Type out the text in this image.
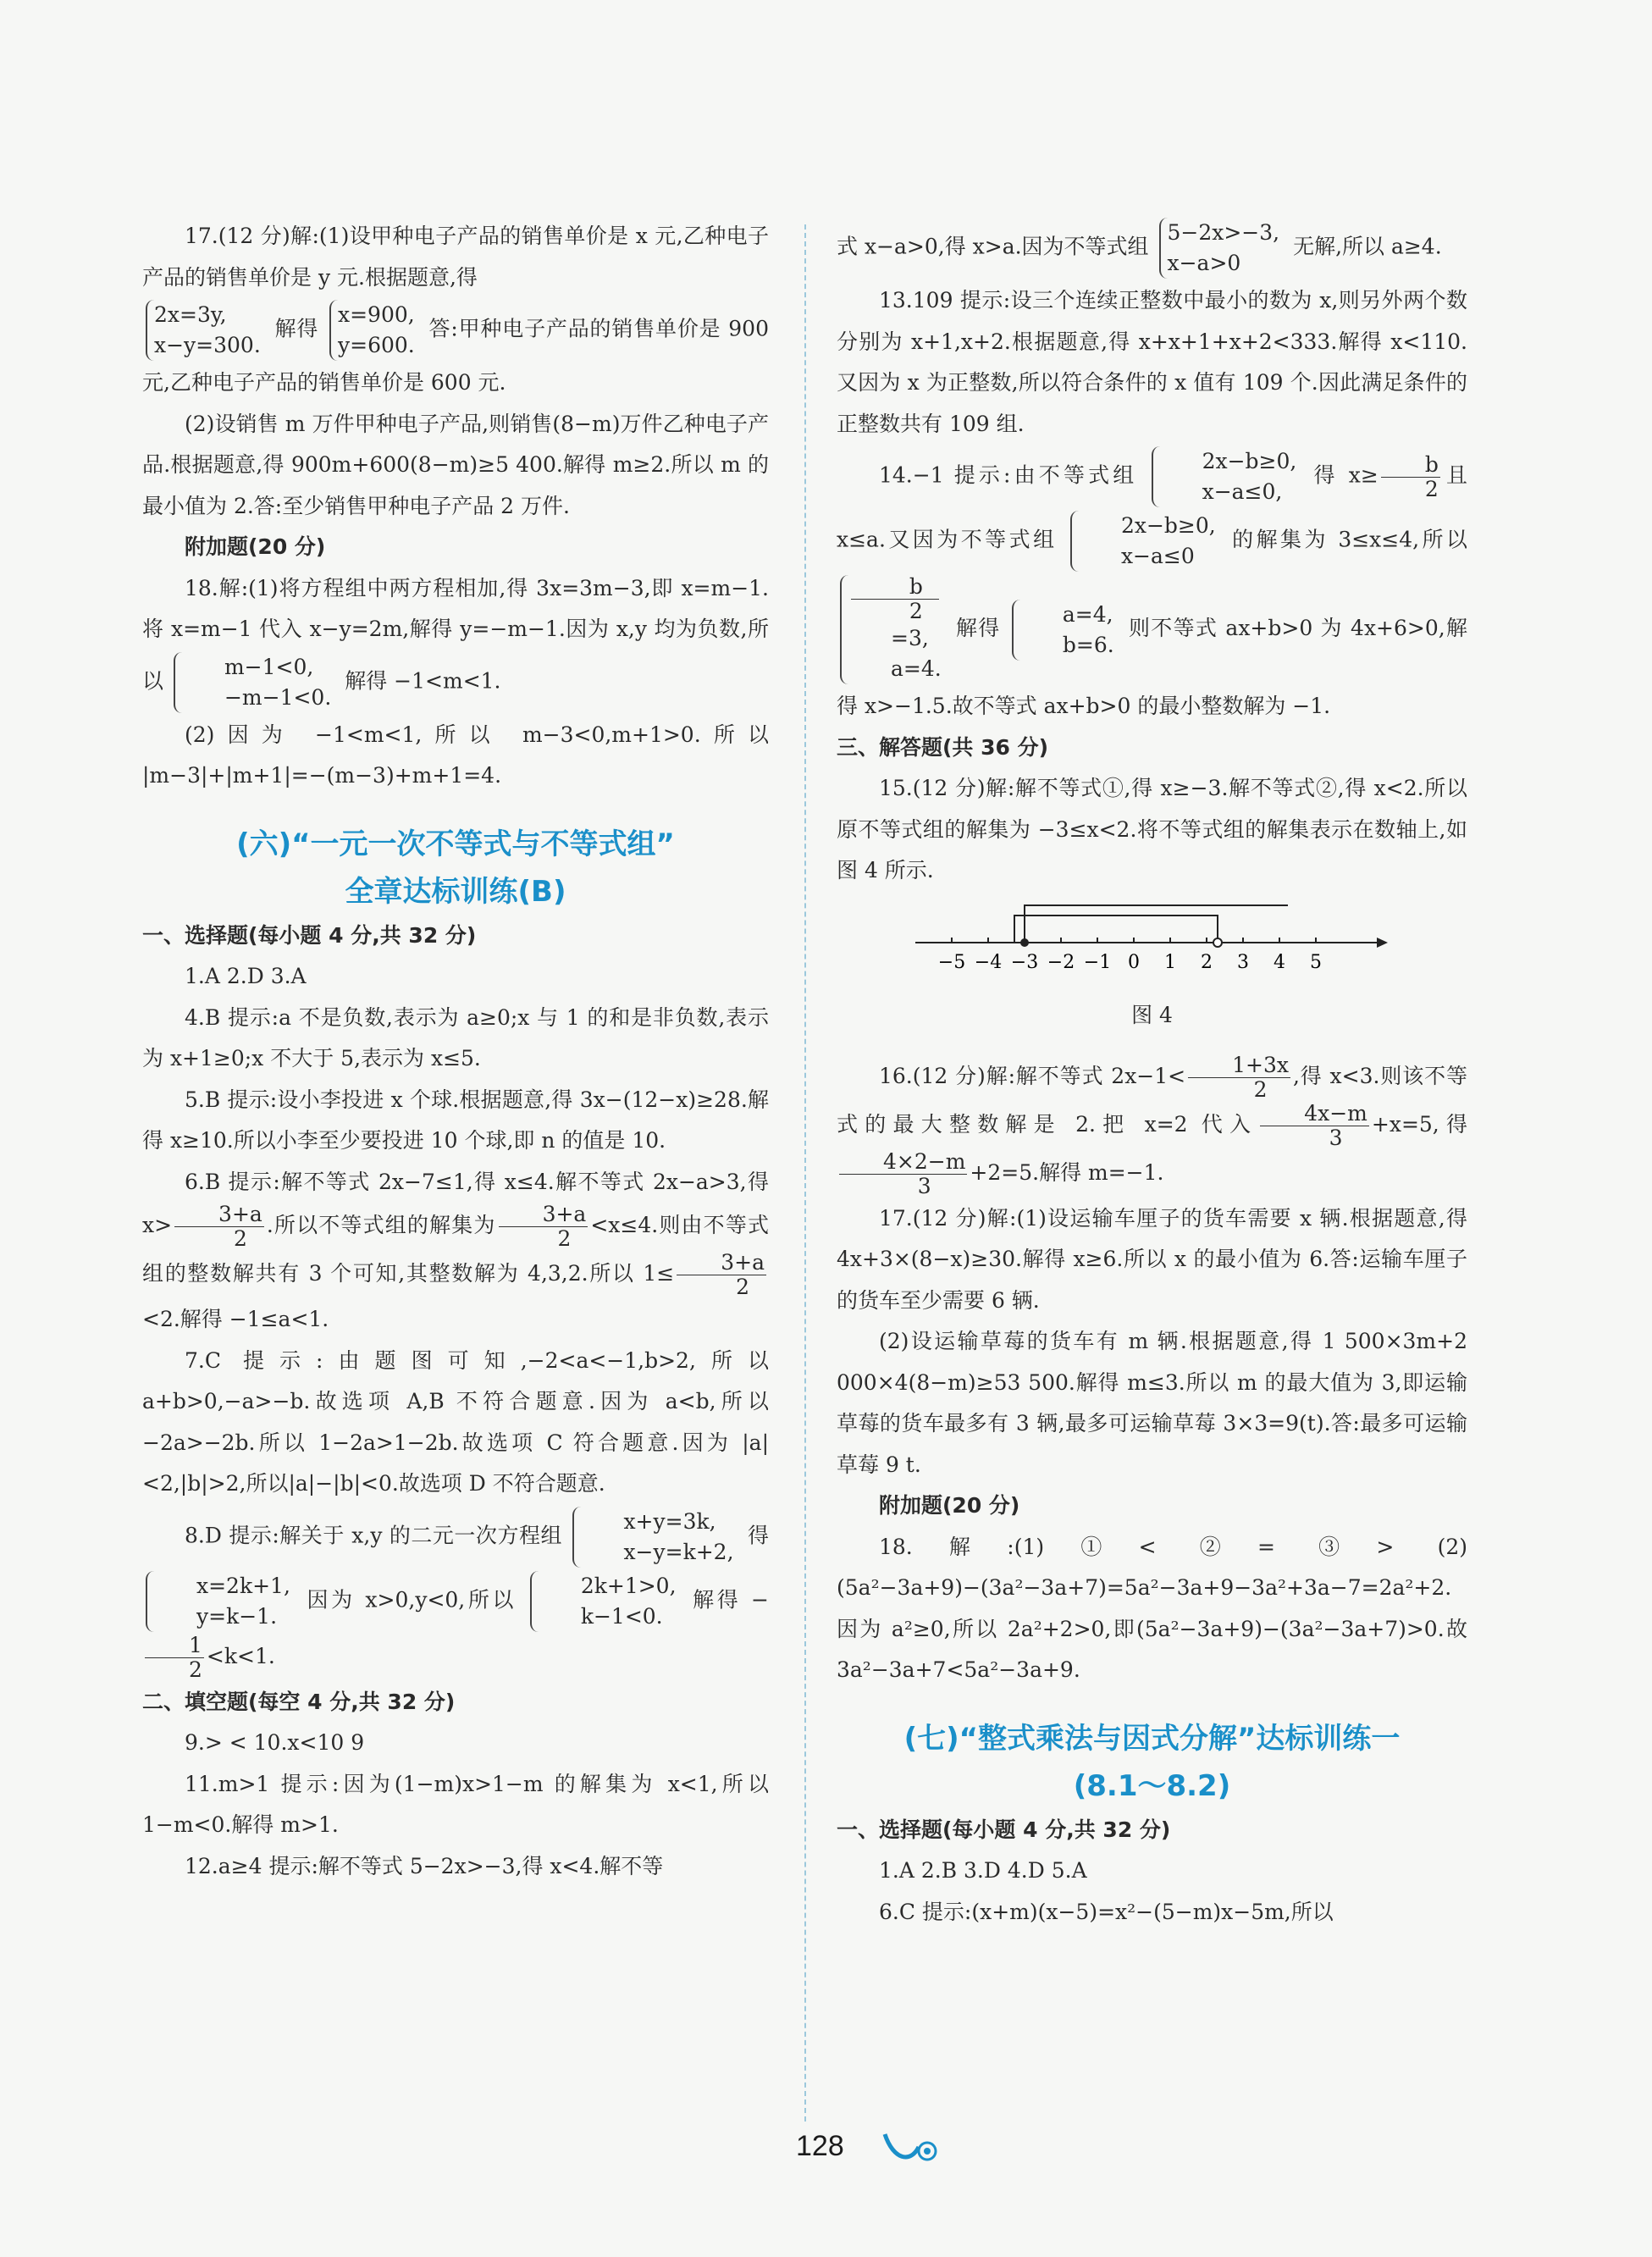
17.(12 分)解:(1)设甲种电子产品的销售单价是 x 元,乙种电子产品的销售单价是 y 元.根据题意,得

2x=3y,
x−y=300.
解得
x=900,
y=600.
答:甲种电子产品的销售单价是 900 元,乙种电子产品的销售单价是 600 元.

(2)设销售 m 万件甲种电子产品,则销售(8−m)万件乙种电子产品.根据题意,得 900m+600(8−m)≥5 400.解得 m≥2.所以 m 的最小值为 2.答:至少销售甲种电子产品 2 万件.

附加题(20 分)

18.解:(1)将方程组中两方程相加,得 3x=3m−3,即 x=m−1.将 x=m−1 代入 x−y=2m,解得 y=−m−1.因为 x,y 均为负数,所以
m−1<0,
−m−1<0.
解得 −1<m<1.

(2)因为 −1<m<1,所以 m−3<0,m+1>0.所以 |m−3|+|m+1|=−(m−3)+m+1=4.

(六)“一元一次不等式与不等式组”
全章达标训练(B)

一、选择题(每小题 4 分,共 32 分)

1.A 2.D 3.A

4.B 提示:a 不是负数,表示为 a≥0;x 与 1 的和是非负数,表示为 x+1≥0;x 不大于 5,表示为 x≤5.

5.B 提示:设小李投进 x 个球.根据题意,得 3x−(12−x)≥28.解得 x≥10.所以小李至少要投进 10 个球,即 n 的值是 10.

6.B 提示:解不等式 2x−7≤1,得 x≤4.解不等式 2x−a>3,得 $x> \frac{3+a}{2}$ .所以不等式组的解集为 $\frac{3+a}{2} <x\le 4$.则由不等式组的整数解共有 3 个可知,其整数解为 4,3,2.所以 $1\le \frac{3+a}{2}$
<2.解得 −1≤a<1.

7.C 提示:由题图可知,−2<a<−1,b>2,所以 a+b>0,−a>−b.故选项 A,B 不符合题意.因为 a<b,所以 −2a>−2b.所以 1−2a>1−2b.故选项 C 符合题意.因为 |a|<2,|b|>2,所以|a|−|b|<0.故选项 D 不符合题意.

8.D 提示:解关于 x,y 的二元一次方程组
x+y=3k,
x−y=k+2,
得
x=2k+1,
y=k−1.
因为 x>0,y<0,所以
2k+1>0,
k−1<0.
解得 −
$\frac{1}{2} <k<1$.

二、填空题(每空 4 分,共 32 分)

9.> < 10.x<10 9

11.m>1 提示:因为(1−m)x>1−m 的解集为 x<1,所以 1−m<0.解得 m>1.

12.a≥4 提示:解不等式 5−2x>−3,得 x<4.解不等

式 x−a>0,得 x>a.因为不等式组
5−2x>−3,
x−a>0
无解,所以 a≥4.

13.109 提示:设三个连续正整数中最小的数为 x,则另外两个数分别为 x+1,x+2.根据题意,得 x+x+1+x+2<333.解得 x<110.又因为 x 为正整数,所以符合条件的 x 值有 109 个.因此满足条件的正整数共有 109 组.

14.−1 提示:由不等式组
2x−b≥0,
x−a≤0,
得 $x\ge \frac{b}{2}$ 且 x≤a.又因为不等式组
2x−b≥0,
x−a≤0
的解集为 3≤x≤4,所以
b
2
=3,
a=4.
解得
a=4,
b=6.
则不等式 ax+b>0 为 4x+6>0,解得 x>−1.5.故不等式 ax+b>0 的最小整数解为 −1.

三、解答题(共 36 分)

15.(12 分)解:解不等式①,得 x≥−3.解不等式②,得 x<2.所以原不等式组的解集为 −3≤x<2.将不等式组的解集表示在数轴上,如图 4 所示.

−5 −4 −3 −2 −1 0 1 2 3 4 5

图 4

16.(12 分)解:解不等式 $2x-1< \frac{1+3x}{2}$ ,得 x<3.则该不等式的最大整数解是 2.把 x=2 代入 $\frac{4x-m}{3} +x=5$,得
$\frac{4\times 2-m}{3} +2=5$.解得 m=−1.

17.(12 分)解:(1)设运输车厘子的货车需要 x 辆.根据题意,得 4x+3×(8−x)≥30.解得 x≥6.所以 x 的最小值为 6.答:运输车厘子的货车至少需要 6 辆.

(2)设运输草莓的货车有 m 辆.根据题意,得 1 500×3m+2 000×4(8−m)≥53 500.解得 m≤3.所以 m 的最大值为 3,即运输草莓的货车最多有 3 辆,最多可运输草莓 3×3=9(t).答:最多可运输草莓 9 t.

附加题(20 分)

18.解:(1)①< ②= ③> (2)(5a²−3a+9)−(3a²−3a+7)=5a²−3a+9−3a²+3a−7=2a²+2.因为 a²≥0,所以 2a²+2>0,即(5a²−3a+9)−(3a²−3a+7)>0.故 3a²−3a+7<5a²−3a+9.

(七)“整式乘法与因式分解”达标训练一
(8.1～8.2)

一、选择题(每小题 4 分,共 32 分)

1.A 2.B 3.D 4.D 5.A

6.C 提示:(x+m)(x−5)=x²−(5−m)x−5m,所以

128
